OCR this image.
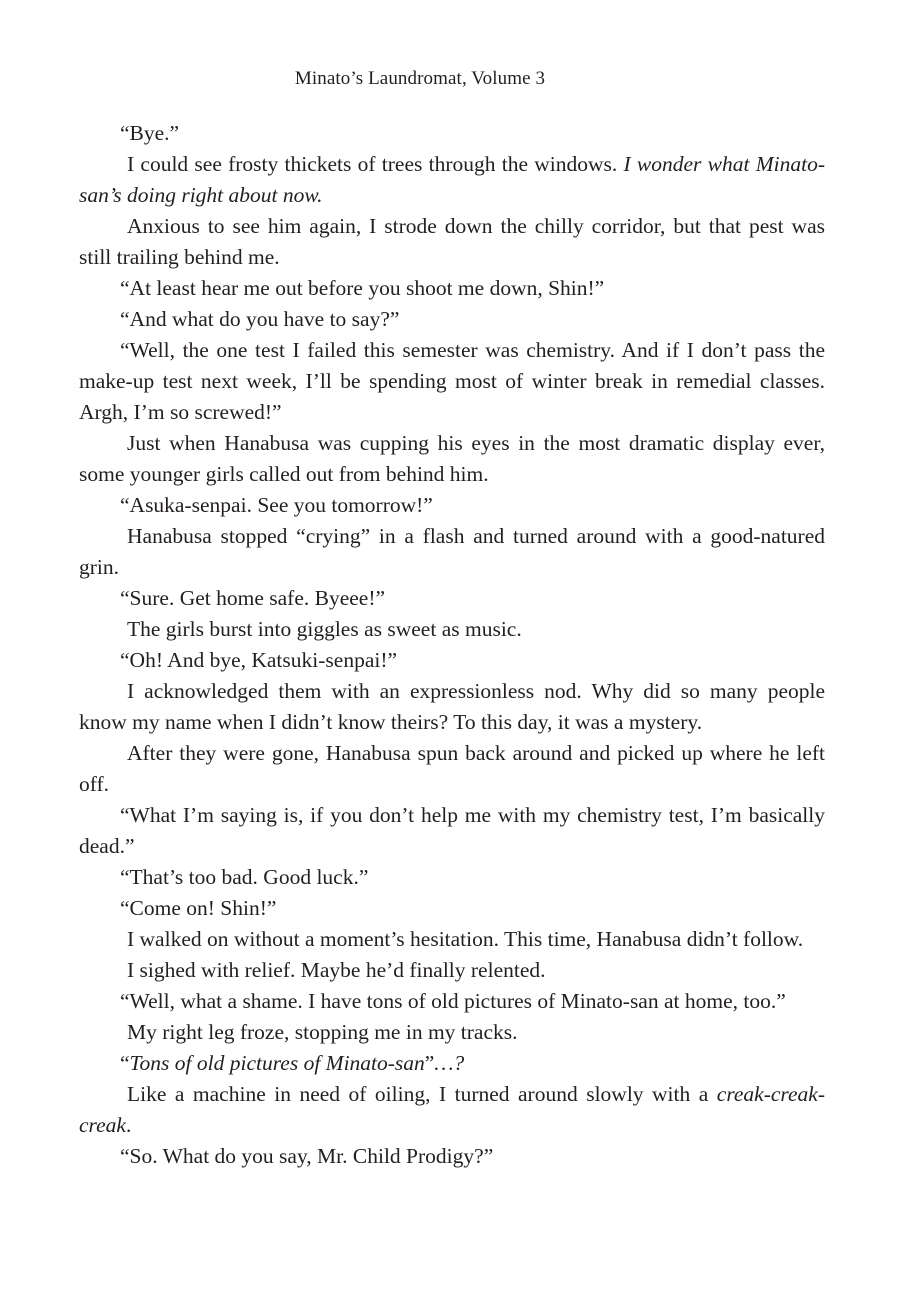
Minato’s Laundromat, Volume 3

“Bye.”

I could see frosty thickets of trees through the windows. I wonder what Minato-san’s doing right about now.

Anxious to see him again, I strode down the chilly corridor, but that pest was still trailing behind me.

“At least hear me out before you shoot me down, Shin!”

“And what do you have to say?”

“Well, the one test I failed this semester was chemistry. And if I don’t pass the make-up test next week, I’ll be spending most of winter break in remedial classes. Argh, I’m so screwed!”

Just when Hanabusa was cupping his eyes in the most dramatic display ever, some younger girls called out from behind him.

“Asuka-senpai. See you tomorrow!”

Hanabusa stopped “crying” in a flash and turned around with a good-natured grin.

“Sure. Get home safe. Byeee!”

The girls burst into giggles as sweet as music.

“Oh! And bye, Katsuki-senpai!”

I acknowledged them with an expressionless nod. Why did so many people know my name when I didn’t know theirs? To this day, it was a mystery.

After they were gone, Hanabusa spun back around and picked up where he left off.

“What I’m saying is, if you don’t help me with my chemistry test, I’m basically dead.”

“That’s too bad. Good luck.”

“Come on! Shin!”

I walked on without a moment’s hesitation. This time, Hanabusa didn’t follow.

I sighed with relief. Maybe he’d finally relented.

“Well, what a shame. I have tons of old pictures of Minato-san at home, too.”

My right leg froze, stopping me in my tracks.

“Tons of old pictures of Minato-san”…?

Like a machine in need of oiling, I turned around slowly with a creak-creak-creak.

“So. What do you say, Mr. Child Prodigy?”
